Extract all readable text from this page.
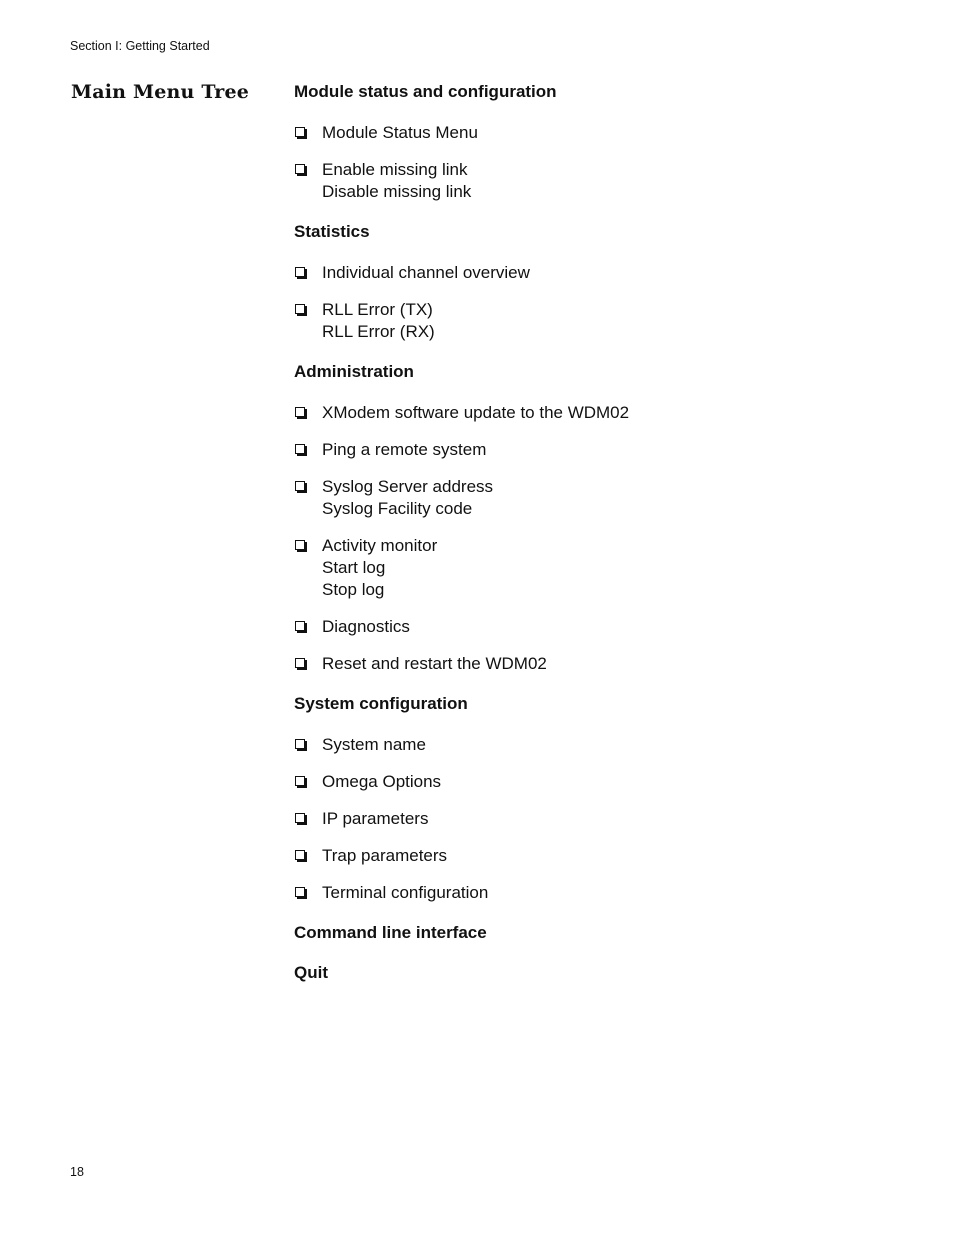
Section I: Getting Started
Main Menu Tree	Module status and configuration
Module Status Menu
Enable missing link
Disable missing link
Statistics
Individual channel overview
RLL Error (TX)
RLL Error (RX)
Administration
XModem software update to the WDM02
Ping a remote system
Syslog Server address
Syslog Facility code
Activity monitor
Start log
Stop log
Diagnostics
Reset and restart the WDM02
System configuration
System name
Omega Options
IP parameters
Trap parameters
Terminal configuration
Command line interface
Quit
18
